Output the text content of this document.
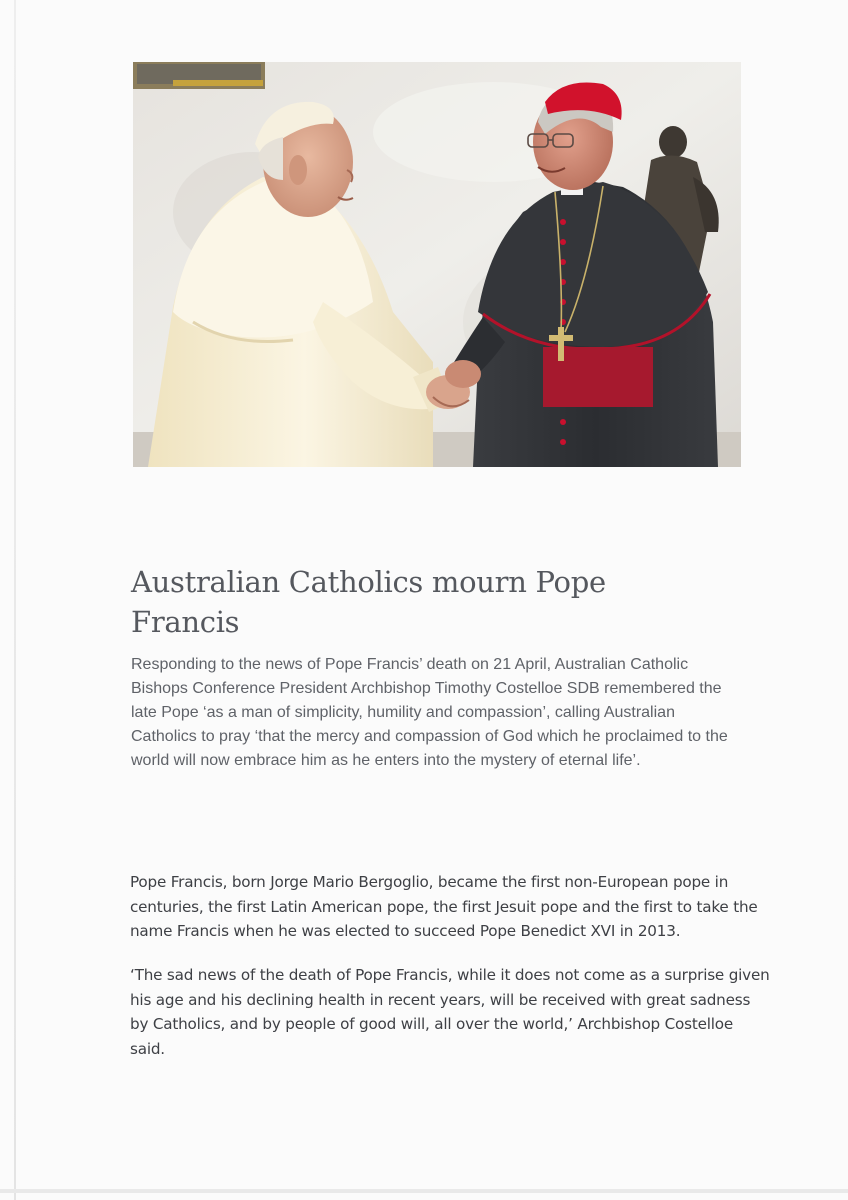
Australian Catholics mourn Pope Francis

Responding to the news of Pope Francis’ death on 21 April, Australian Catholic Bishops Conference President Archbishop Timothy Costelloe SDB remembered the late Pope ‘as a man of simplicity, humility and compassion’, calling Australian Catholics to pray ‘that the mercy and compassion of God which he proclaimed to the world will now embrace him as he enters into the mystery of eternal life’.

Pope Francis, born Jorge Mario Bergoglio, became the first non-European pope in centuries, the first Latin American pope, the first Jesuit pope and the first to take the name Francis when he was elected to succeed Pope Benedict XVI in 2013.

‘The sad news of the death of Pope Francis, while it does not come as a surprise given his age and his declining health in recent years, will be received with great sadness by Catholics, and by people of good will, all over the world,’ Archbishop Costelloe said.
